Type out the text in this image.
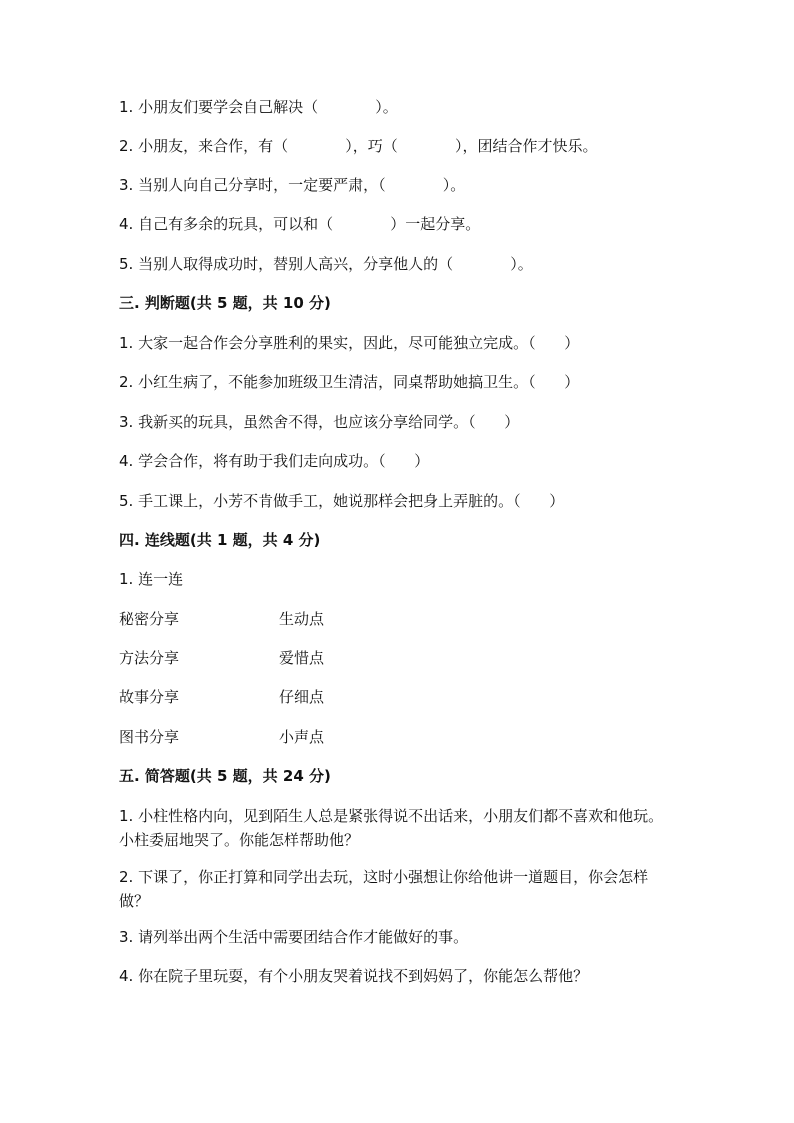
1. 小朋友们要学会自己解决（            ）。
2. 小朋友，来合作，有（            ），巧（            ），团结合作才快乐。
3. 当别人向自己分享时，一定要严肃，（            ）。
4. 自己有多余的玩具，可以和（            ）一起分享。
5. 当别人取得成功时，替别人高兴，分享他人的（            ）。
三. 判断题(共 5 题，共 10 分)
1. 大家一起合作会分享胜利的果实，因此，尽可能独立完成。（      ）
2. 小红生病了，不能参加班级卫生清洁，同桌帮助她搞卫生。（      ）
3. 我新买的玩具，虽然舍不得，也应该分享给同学。（      ）
4. 学会合作，将有助于我们走向成功。（      ）
5. 手工课上，小芳不肯做手工，她说那样会把身上弄脏的。（      ）
四. 连线题(共 1 题，共 4 分)
1. 连一连
秘密分享	生动点
方法分享	爱惜点
故事分享	仔细点
图书分享	小声点
五. 简答题(共 5 题，共 24 分)
1. 小柱性格内向，见到陌生人总是紧张得说不出话来，小朋友们都不喜欢和他玩。小柱委屈地哭了。你能怎样帮助他？
2. 下课了，你正打算和同学出去玩，这时小强想让你给他讲一道题目，你会怎样做？
3. 请列举出两个生活中需要团结合作才能做好的事。
4. 你在院子里玩耍，有个小朋友哭着说找不到妈妈了，你能怎么帮他？
